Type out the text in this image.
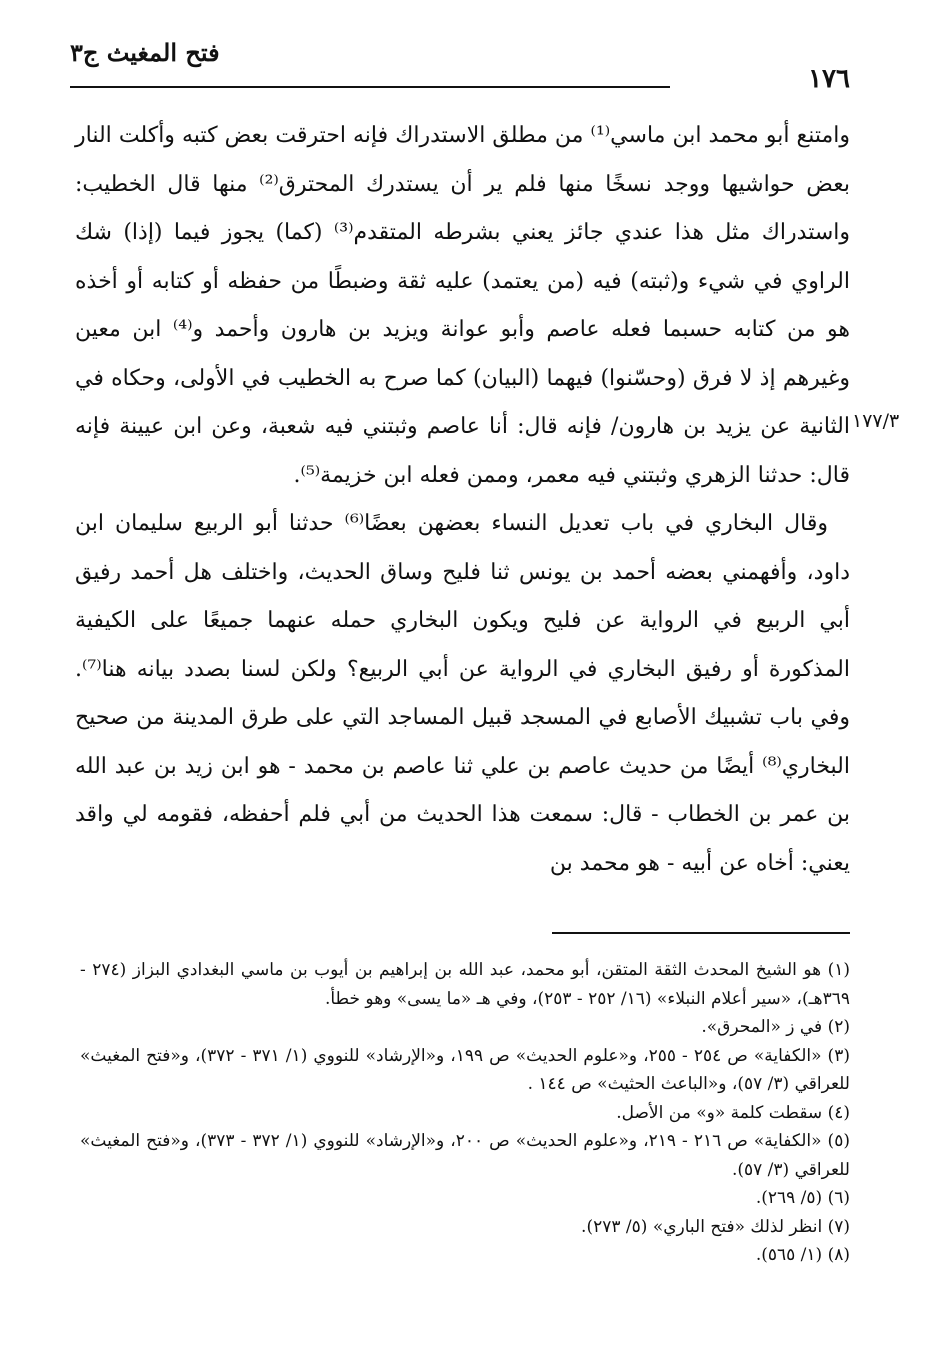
فتح المغيث ج٣
١٧٦
١٧٧/٣

وامتنع أبو محمد ابن ماسي⁽¹⁾ من مطلق الاستدراك فإنه احترقت بعض كتبه وأكلت النار بعض حواشيها ووجد نسخًا منها فلم ير أن يستدرك المحترق⁽²⁾ منها قال الخطيب: واستدراك مثل هذا عندي جائز يعني بشرطه المتقدم⁽³⁾ (كما) يجوز فيما (إذا) شك الراوي في شيء و(ثبته) فيه (من يعتمد) عليه ثقة وضبطًا من حفظه أو كتابه أو أخذه هو من كتابه حسبما فعله عاصم وأبو عوانة ويزيد بن هارون وأحمد و⁽⁴⁾ ابن معين وغيرهم إذ لا فرق (وحسّنوا) فيهما (البيان) كما صرح به الخطيب في الأولى، وحكاه في الثانية عن يزيد بن هارون/ فإنه قال: أنا عاصم وثبتني فيه شعبة، وعن ابن عيينة فإنه قال: حدثنا الزهري وثبتني فيه معمر، وممن فعله ابن خزيمة⁽⁵⁾.

وقال البخاري في باب تعديل النساء بعضهن بعضًا⁽⁶⁾ حدثنا أبو الربيع سليمان ابن داود، وأفهمني بعضه أحمد بن يونس ثنا فليح وساق الحديث، واختلف هل أحمد رفيق أبي الربيع في الرواية عن فليح ويكون البخاري حمله عنهما جميعًا على الكيفية المذكورة أو رفيق البخاري في الرواية عن أبي الربيع؟ ولكن لسنا بصدد بيانه هنا⁽⁷⁾. وفي باب تشبيك الأصابع في المسجد قبيل المساجد التي على طرق المدينة من صحيح البخاري⁽⁸⁾ أيضًا من حديث عاصم بن علي ثنا عاصم بن محمد - هو ابن زيد بن عبد الله بن عمر بن الخطاب - قال: سمعت هذا الحديث من أبي فلم أحفظه، فقومه لي واقد يعني: أخاه عن أبيه - هو محمد بن

(١) هو الشيخ المحدث الثقة المتقن، أبو محمد، عبد الله بن إبراهيم بن أيوب بن ماسي البغدادي البزاز (٢٧٤ - ٣٦٩هـ)، «سير أعلام النبلاء» (١٦/ ٢٥٢ - ٢٥٣)، وفي هـ «ما يسى» وهو خطأ.

(٢) في ز «المحرق».

(٣) «الكفاية» ص ٢٥٤ - ٢٥٥، و«علوم الحديث» ص ١٩٩، و«الإرشاد» للنووي (١/ ٣٧١ - ٣٧٢)، و«فتح المغيث» للعراقي (٣/ ٥٧)، و«الباعث الحثيث» ص ١٤٤ .

(٤) سقطت كلمة «و» من الأصل.

(٥) «الكفاية» ص ٢١٦ - ٢١٩، و«علوم الحديث» ص ٢٠٠، و«الإرشاد» للنووي (١/ ٣٧٢ - ٣٧٣)، و«فتح المغيث» للعراقي (٣/ ٥٧).

(٦) (٥/ ٢٦٩).

(٧) انظر لذلك «فتح الباري» (٥/ ٢٧٣).

(٨) (١/ ٥٦٥).
